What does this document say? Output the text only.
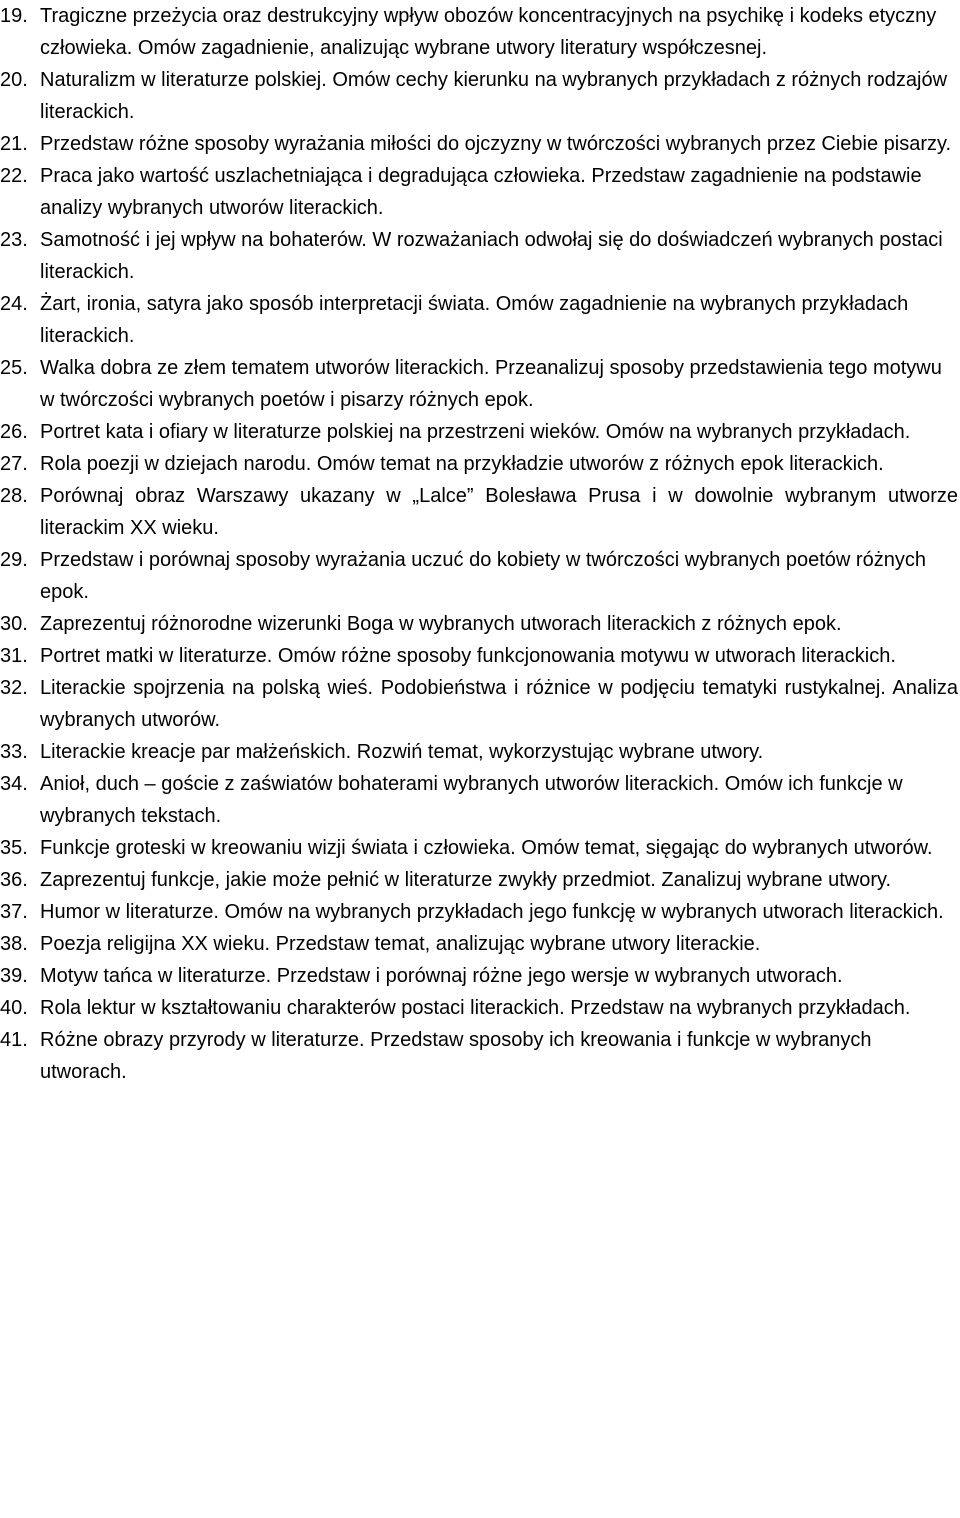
19. Tragiczne przeżycia oraz destrukcyjny wpływ obozów koncentracyjnych na psychikę i kodeks etyczny człowieka. Omów zagadnienie, analizując wybrane utwory literatury współczesnej.
20. Naturalizm w literaturze polskiej. Omów cechy kierunku na wybranych przykładach z różnych rodzajów literackich.
21. Przedstaw różne sposoby wyrażania miłości do ojczyzny w twórczości wybranych przez Ciebie pisarzy.
22. Praca jako wartość uszlachetniająca i degradująca człowieka. Przedstaw zagadnienie na podstawie analizy wybranych utworów literackich.
23. Samotność i jej wpływ na bohaterów. W rozważaniach odwołaj się do doświadczeń wybranych postaci literackich.
24. Żart, ironia, satyra jako sposób interpretacji świata. Omów zagadnienie na wybranych przykładach literackich.
25. Walka dobra ze złem tematem utworów literackich. Przeanalizuj sposoby przedstawienia tego motywu w twórczości wybranych poetów i pisarzy różnych epok.
26. Portret kata i ofiary w literaturze polskiej na przestrzeni wieków. Omów na wybranych przykładach.
27. Rola poezji w dziejach narodu. Omów temat na przykładzie utworów z różnych epok literackich.
28. Porównaj obraz Warszawy ukazany w „Lalce” Bolesława Prusa i w dowolnie wybranym utworze literackim XX wieku.
29. Przedstaw i porównaj sposoby wyrażania uczuć do kobiety w twórczości wybranych poetów różnych epok.
30. Zaprezentuj różnorodne wizerunki Boga w wybranych utworach literackich z różnych epok.
31. Portret matki w literaturze. Omów różne sposoby funkcjonowania motywu w utworach literackich.
32. Literackie spojrzenia na polską wieś. Podobieństwa i różnice w podjęciu tematyki rustykalnej. Analiza wybranych utworów.
33. Literackie kreacje par małżeńskich. Rozwiń temat, wykorzystując wybrane utwory.
34. Anioł, duch – goście z zaświatów bohaterami wybranych utworów literackich. Omów ich funkcje w wybranych tekstach.
35. Funkcje groteski w kreowaniu wizji świata i człowieka. Omów temat, sięgając do wybranych utworów.
36. Zaprezentuj funkcje, jakie może pełnić w literaturze zwykły przedmiot. Zanalizuj wybrane utwory.
37. Humor w literaturze. Omów na wybranych przykładach jego funkcję w wybranych utworach literackich.
38. Poezja religijna XX wieku. Przedstaw temat, analizując wybrane utwory literackie.
39. Motyw tańca w literaturze. Przedstaw i porównaj różne jego wersje w wybranych utworach.
40. Rola lektur w kształtowaniu charakterów postaci literackich. Przedstaw na wybranych przykładach.
41. Różne obrazy przyrody w literaturze. Przedstaw sposoby ich kreowania i funkcje w wybranych utworach.
